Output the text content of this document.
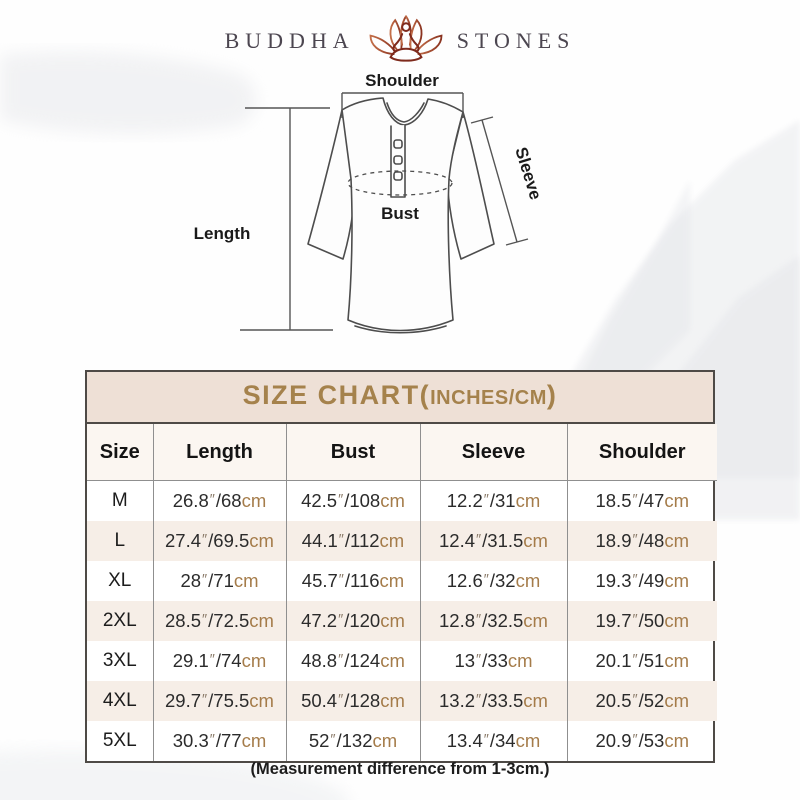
BUDDHA	STONES
Shoulder
Length
Bust
Sleeve
SIZE CHART( INCHES/CM )
Size	Length	Bust	Sleeve	Shoulder
M	26.8″/68cm	42.5″/108cm	12.2″/31cm	18.5″/47cm
L	27.4″/69.5cm	44.1″/112cm	12.4″/31.5cm	18.9″/48cm
XL	28″/71cm	45.7″/116cm	12.6″/32cm	19.3″/49cm
2XL	28.5″/72.5cm	47.2″/120cm	12.8″/32.5cm	19.7″/50cm
3XL	29.1″/74cm	48.8″/124cm	13″/33cm	20.1″/51cm
4XL	29.7″/75.5cm	50.4″/128cm	13.2″/33.5cm	20.5″/52cm
5XL	30.3″/77cm	52″/132cm	13.4″/34cm	20.9″/53cm
(Measurement difference from 1-3cm.)
